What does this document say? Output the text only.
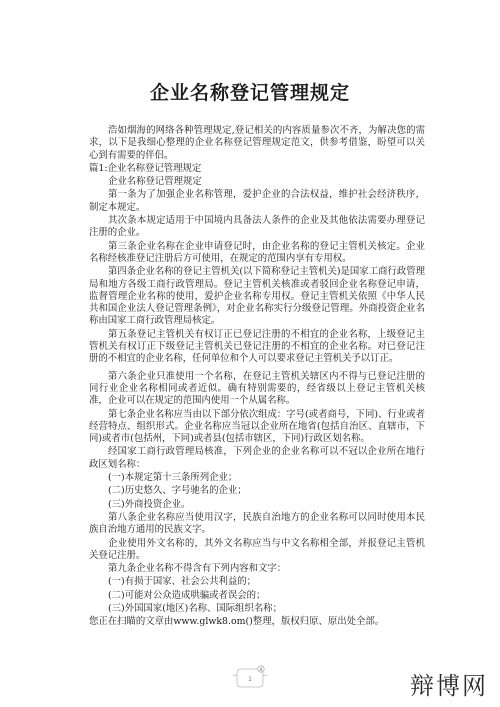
企业名称登记管理规定

浩如烟海的网络各种管理规定,登记相关的内容质量参次不齐，为解决您的需求，以下是我细心整理的企业名称登记管理规定范文，供参考借鉴，盼望可以关心到有需要的伴侣。

篇1:企业名称登记管理规定

企业名称登记管理规定

第一条为了加强企业名称管理，爱护企业的合法权益，维护社会经济秩序，制定本规定。

其次条本规定适用于中国境内具备法人条件的企业及其他依法需要办理登记注册的企业。

第三条企业名称在企业申请登记时，由企业名称的登记主管机关核定。企业名称经核准登记注册后方可使用，在规定的范围内享有专用权。

第四条企业名称的登记主管机关(以下简称登记主管机关)是国家工商行政管理局和地方各级工商行政管理局。登记主管机关核准或者驳回企业名称登记申请，监督管理企业名称的使用，爱护企业名称专用权。登记主管机关依照《中华人民共和国企业法人登记管理条例》，对企业名称实行分级登记管理。外商投资企业名称由国家工商行政管理局核定。

第五条登记主管机关有权订正已登记注册的不相宜的企业名称，上级登记主管机关有权订正下级登记主管机关已登记注册的不相宜的企业名称。对已登记注册的不相宜的企业名称，任何单位和个人可以要求登记主管机关予以订正。

第六条企业只准使用一个名称，在登记主管机关辖区内不得与已登记注册的同行业企业名称相同或者近似。确有特别需要的，经省级以上登记主管机关核准，企业可以在规定的范围内使用一个从属名称。

第七条企业名称应当由以下部分依次组成：字号(或者商号，下同)、行业或者经营特点、组织形式。企业名称应当冠以企业所在地省(包括自治区、直辖市，下同)或者市(包括州，下同)或者县(包括市辖区，下同)行政区划名称。

经国家工商行政管理局核准，下列企业的企业名称可以不冠以企业所在地行政区划名称：

(一)本规定第十三条所列企业；

(二)历史悠久、字号驰名的企业；

(三)外商投资企业。

第八条企业名称应当使用汉字，民族自治地方的企业名称可以同时使用本民族自治地方通用的民族文字。

企业使用外文名称的，其外文名称应当与中文名称相全部，并报登记主管机关登记注册。

第九条企业名称不得含有下列内容和文字：

(一)有损于国家、社会公共利益的；

(二)可能对公众造成哄骗或者误会的；

(三)外国国家(地区)名称、国际组织名称；

您正在扫瞄的文章由www.glwk8.om()整理，版权归原、原出处全部。

4
1	辩博网
